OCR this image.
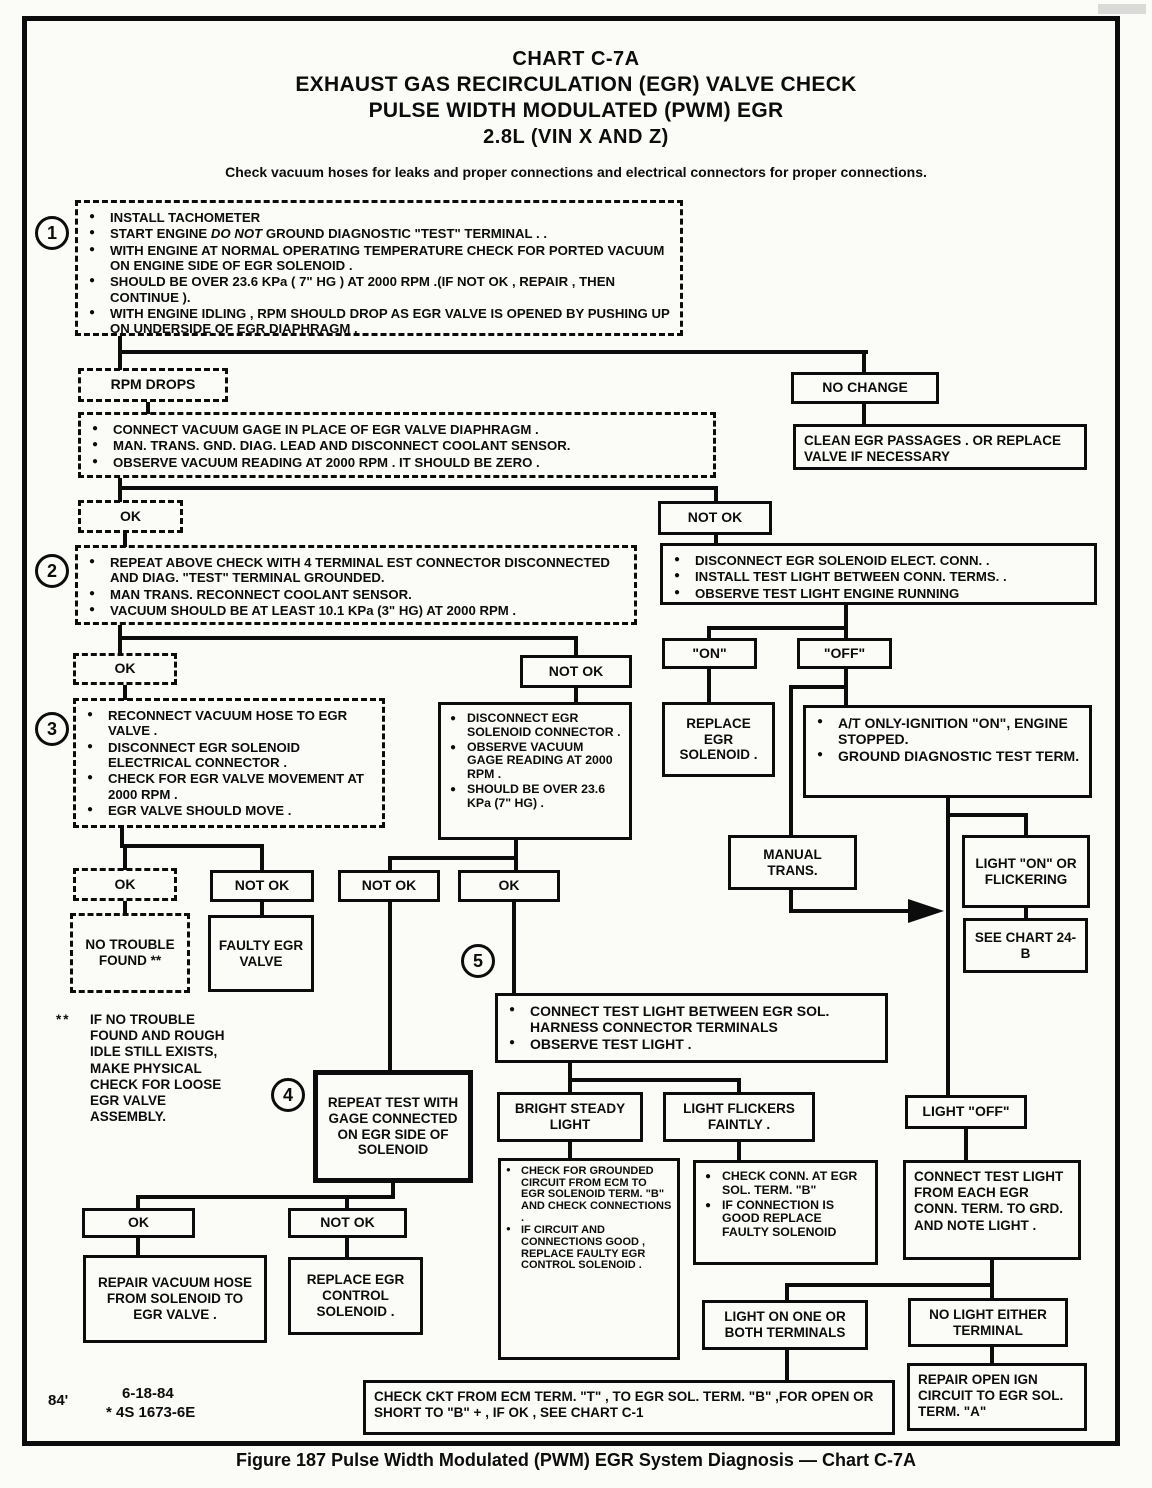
CHART C-7A
EXHAUST GAS RECIRCULATION (EGR) VALVE CHECK
PULSE WIDTH MODULATED (PWM) EGR
2.8L (VIN X AND Z)
Check vacuum hoses for leaks and proper connections and electrical connectors for proper connections.
1
2
3
4
5
● INSTALL TACHOMETER
● START ENGINE DO NOT GROUND DIAGNOSTIC "TEST" TERMINAL . .
● WITH ENGINE AT NORMAL OPERATING TEMPERATURE CHECK FOR PORTED VACUUM ON ENGINE SIDE OF EGR SOLENOID .
● SHOULD BE OVER 23.6 KPa ( 7" HG ) AT 2000 RPM .(IF NOT OK , REPAIR , THEN CONTINUE ).
● WITH ENGINE IDLING , RPM SHOULD DROP AS EGR VALVE IS OPENED BY PUSHING UP ON UNDERSIDE OF EGR DIAPHRAGM .
RPM DROPS	NO CHANGE
CLEAN EGR PASSAGES . OR REPLACE VALVE IF NECESSARY
● CONNECT VACUUM GAGE IN PLACE OF EGR VALVE DIAPHRAGM .
● MAN. TRANS. GND. DIAG. LEAD AND DISCONNECT COOLANT SENSOR.
● OBSERVE VACUUM READING AT 2000 RPM . IT SHOULD BE ZERO .
OK	NOT OK
● REPEAT ABOVE CHECK WITH 4 TERMINAL EST CONNECTOR DISCONNECTED AND DIAG. "TEST" TERMINAL GROUNDED.
● MAN TRANS. RECONNECT COOLANT SENSOR.
● VACUUM SHOULD BE AT LEAST 10.1 KPa (3" HG) AT 2000 RPM .
● DISCONNECT EGR SOLENOID ELECT. CONN. .
● INSTALL TEST LIGHT BETWEEN CONN. TERMS. .
● OBSERVE TEST LIGHT ENGINE RUNNING
OK	NOT OK
"ON"	"OFF"
● RECONNECT VACUUM HOSE TO EGR VALVE .
● DISCONNECT EGR SOLENOID ELECTRICAL CONNECTOR .
● CHECK FOR EGR VALVE MOVEMENT AT 2000 RPM .
● EGR VALVE SHOULD MOVE .
● DISCONNECT EGR SOLENOID CONNECTOR .
● OBSERVE VACUUM GAGE READING AT 2000 RPM .
● SHOULD BE OVER 23.6 KPa (7" HG) .
REPLACE EGR SOLENOID .
● A/T ONLY-IGNITION "ON", ENGINE STOPPED.
● GROUND DIAGNOSTIC TEST TERM.
MANUAL TRANS.	LIGHT "ON" OR FLICKERING
SEE CHART 24-B
OK	NOT OK	NOT OK	OK
NO TROUBLE FOUND **
FAULTY EGR VALVE
● CONNECT TEST LIGHT BETWEEN EGR SOL. HARNESS CONNECTOR TERMINALS
● OBSERVE TEST LIGHT .
**	IF NO TROUBLE FOUND AND ROUGH IDLE STILL EXISTS, MAKE PHYSICAL CHECK FOR LOOSE EGR VALVE ASSEMBLY.
REPEAT TEST WITH GAGE CONNECTED ON EGR SIDE OF SOLENOID
BRIGHT STEADY LIGHT
LIGHT FLICKERS FAINTLY .
LIGHT "OFF"
● CHECK FOR GROUNDED CIRCUIT FROM ECM TO EGR SOLENOID TERM. "B" AND CHECK CONNECTIONS .
● IF CIRCUIT AND CONNECTIONS GOOD , REPLACE FAULTY EGR CONTROL SOLENOID .
● CHECK CONN. AT EGR SOL. TERM. "B"
● IF CONNECTION IS GOOD REPLACE FAULTY SOLENOID
CONNECT TEST LIGHT FROM EACH EGR CONN. TERM. TO GRD. AND NOTE LIGHT .
OK	NOT OK
REPAIR VACUUM HOSE FROM SOLENOID TO EGR VALVE .
REPLACE EGR CONTROL SOLENOID .	LIGHT ON ONE OR BOTH TERMINALS
NO LIGHT EITHER TERMINAL
REPAIR OPEN IGN CIRCUIT TO EGR SOL. TERM. "A"
CHECK CKT FROM ECM TERM. "T" , TO EGR SOL. TERM. "B" ,FOR OPEN OR SHORT TO "B" + , IF OK , SEE CHART C-1
84'	6-18-84
* 4S 1673-6E
Figure 187 Pulse Width Modulated (PWM) EGR System Diagnosis — Chart C-7A
